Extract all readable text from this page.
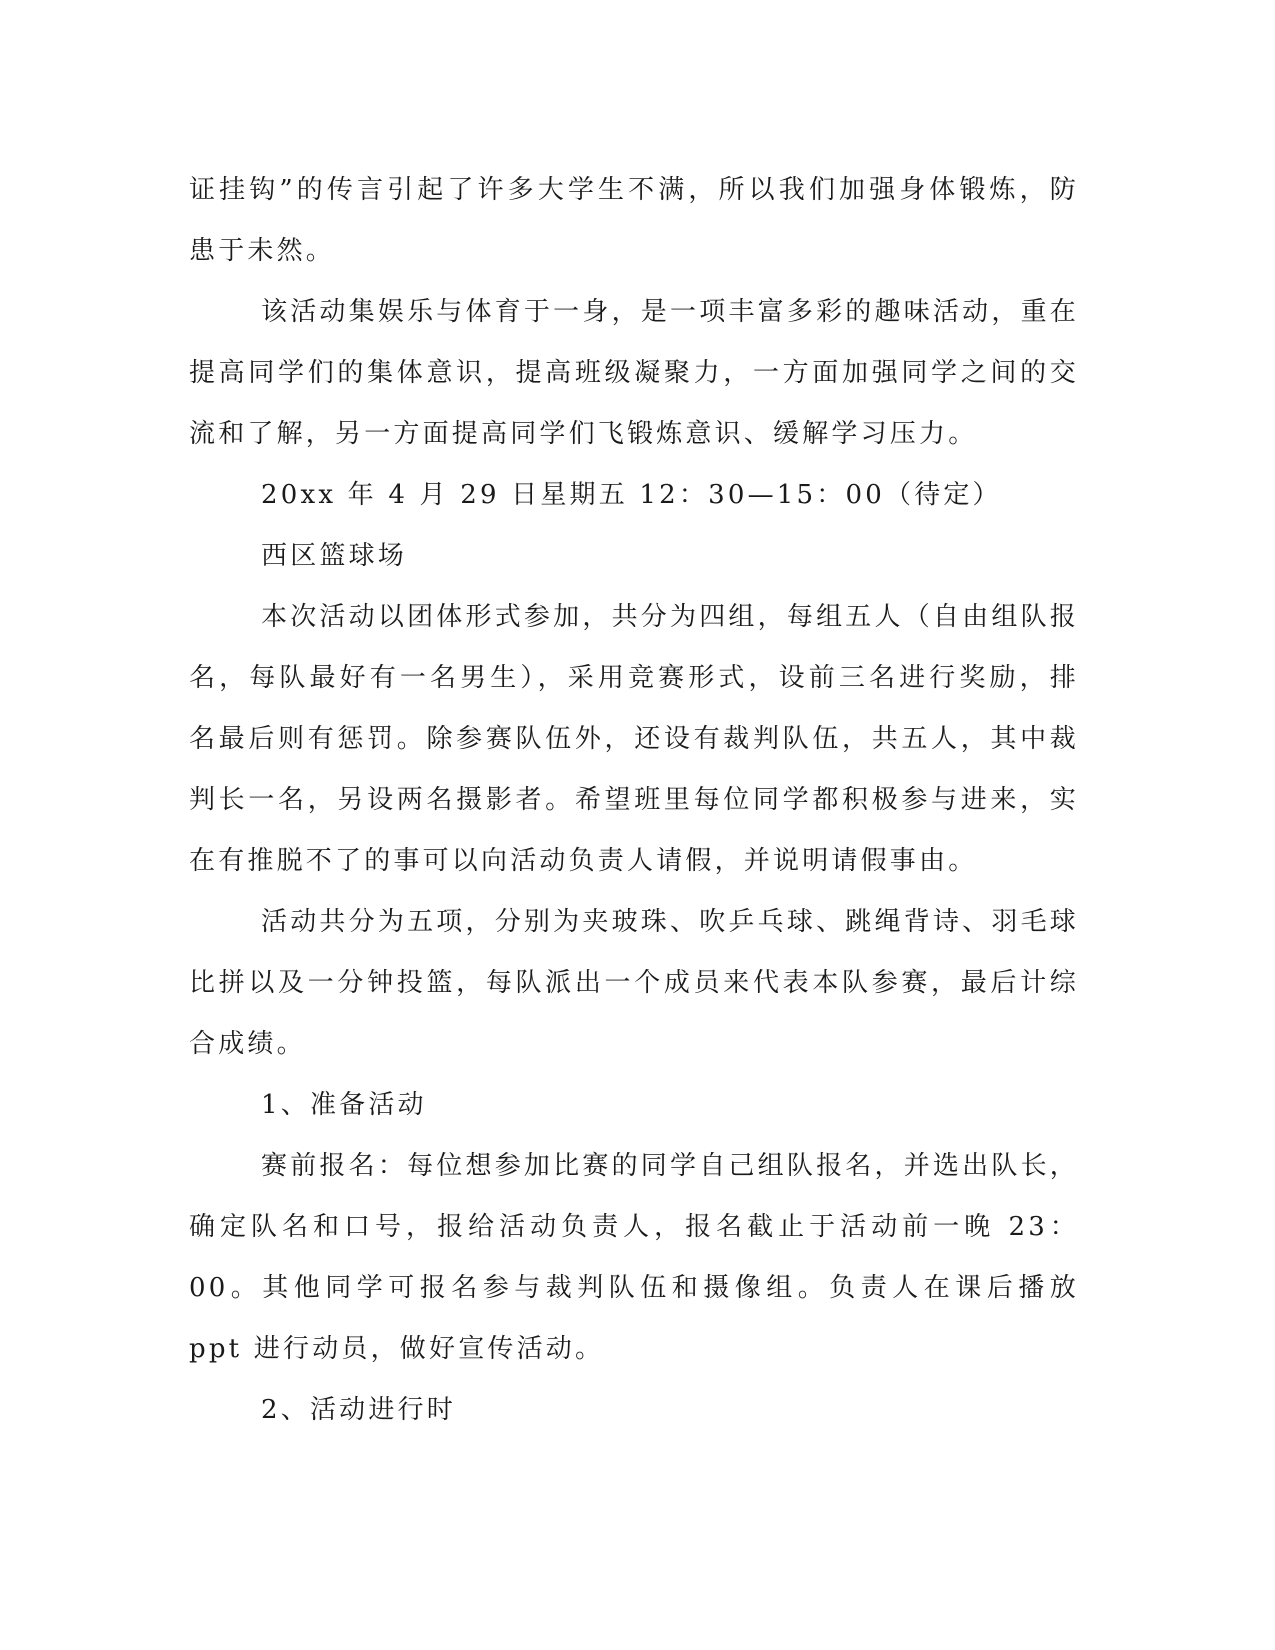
证挂钩”的传言引起了许多大学生不满，所以我们加强身体锻炼，防患于未然。

该活动集娱乐与体育于一身，是一项丰富多彩的趣味活动，重在提高同学们的集体意识，提高班级凝聚力，一方面加强同学之间的交流和了解，另一方面提高同学们飞锻炼意识、缓解学习压力。

20xx 年 4 月 29 日星期五 12：30—15：00（待定）

西区篮球场

本次活动以团体形式参加，共分为四组，每组五人（自由组队报名，每队最好有一名男生），采用竞赛形式，设前三名进行奖励，排名最后则有惩罚。除参赛队伍外，还设有裁判队伍，共五人，其中裁判长一名，另设两名摄影者。希望班里每位同学都积极参与进来，实在有推脱不了的事可以向活动负责人请假，并说明请假事由。

活动共分为五项，分别为夹玻珠、吹乒乓球、跳绳背诗、羽毛球比拼以及一分钟投篮，每队派出一个成员来代表本队参赛，最后计综合成绩。

1、准备活动

赛前报名：每位想参加比赛的同学自己组队报名，并选出队长，确定队名和口号，报给活动负责人，报名截止于活动前一晚 23：00。其他同学可报名参与裁判队伍和摄像组。负责人在课后播放 ppt 进行动员，做好宣传活动。

2、活动进行时
